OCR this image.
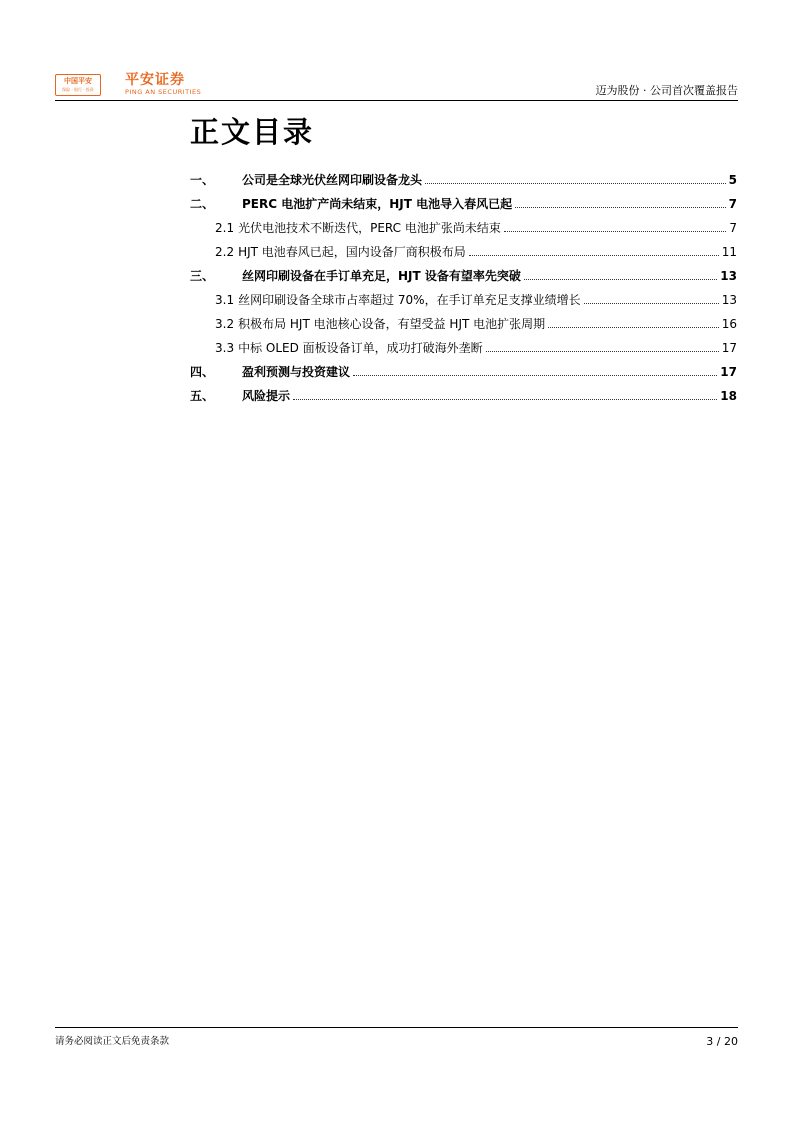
中国平安
保险 · 银行 · 投资
平安证券
PING AN SECURITIES	迈为股份 · 公司首次覆盖报告
正文目录
一、	公司是全球光伏丝网印刷设备龙头	5
二、	PERC 电池扩产尚未结束，HJT 电池导入春风已起	7
2.1 光伏电池技术不断迭代，PERC 电池扩张尚未结束	7
2.2 HJT 电池春风已起，国内设备厂商积极布局	11
三、	丝网印刷设备在手订单充足，HJT 设备有望率先突破	13
3.1 丝网印刷设备全球市占率超过 70%，在手订单充足支撑业绩增长	13
3.2 积极布局 HJT 电池核心设备，有望受益 HJT 电池扩张周期	16
3.3 中标 OLED 面板设备订单，成功打破海外垄断	17
四、	盈利预测与投资建议	17
五、	风险提示	18
请务必阅读正文后免责条款	3 / 20
